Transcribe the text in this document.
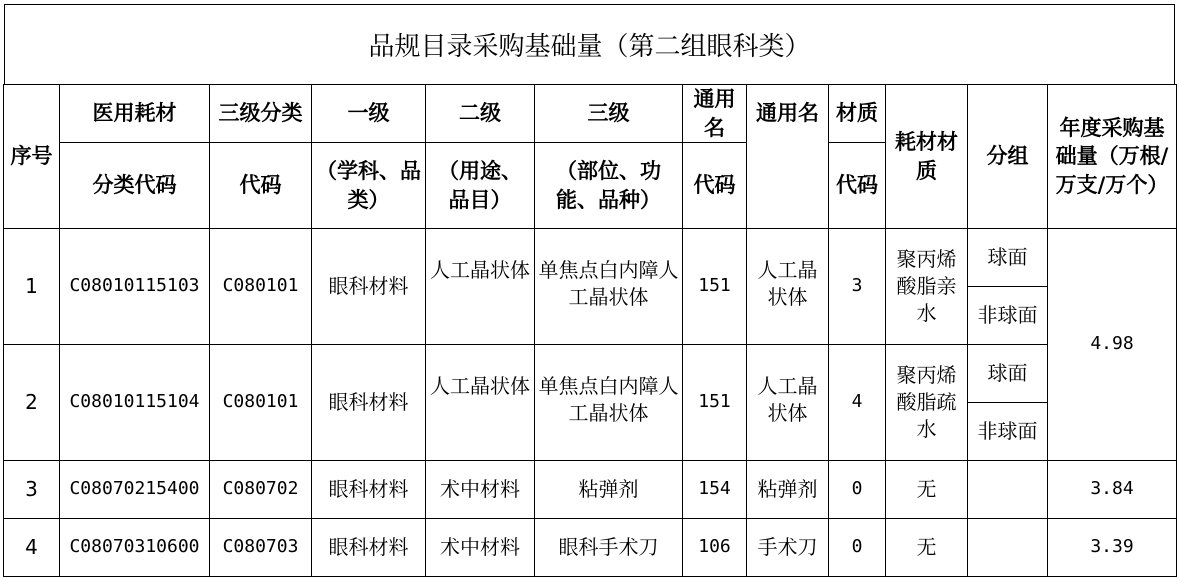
品规目录采购基础量（第二组眼科类）
序号	医用耗材	三级分类	一级	二级	三级	通用名	通用名	材质	耗材材质	分组	年度采购基础量（万根/万支/万个）
	分类代码	代码	（学科、品类）	（用途、品目）	（部位、功能、品种）	代码		代码			
1	C08010115103	C080101	眼科材料	人工晶状体	单焦点白内障人工晶状体	151	人工晶状体	3	聚丙烯酸脂亲水	球面	4.98
										非球面	
2	C08010115104	C080101	眼科材料	人工晶状体	单焦点白内障人工晶状体	151	人工晶状体	4	聚丙烯酸脂疏水	球面	
										非球面	
3	C08070215400	C080702	眼科材料	术中材料	粘弹剂	154	粘弹剂	0	无		3.84
4	C08070310600	C080703	眼科材料	术中材料	眼科手术刀	106	手术刀	0	无		3.39
